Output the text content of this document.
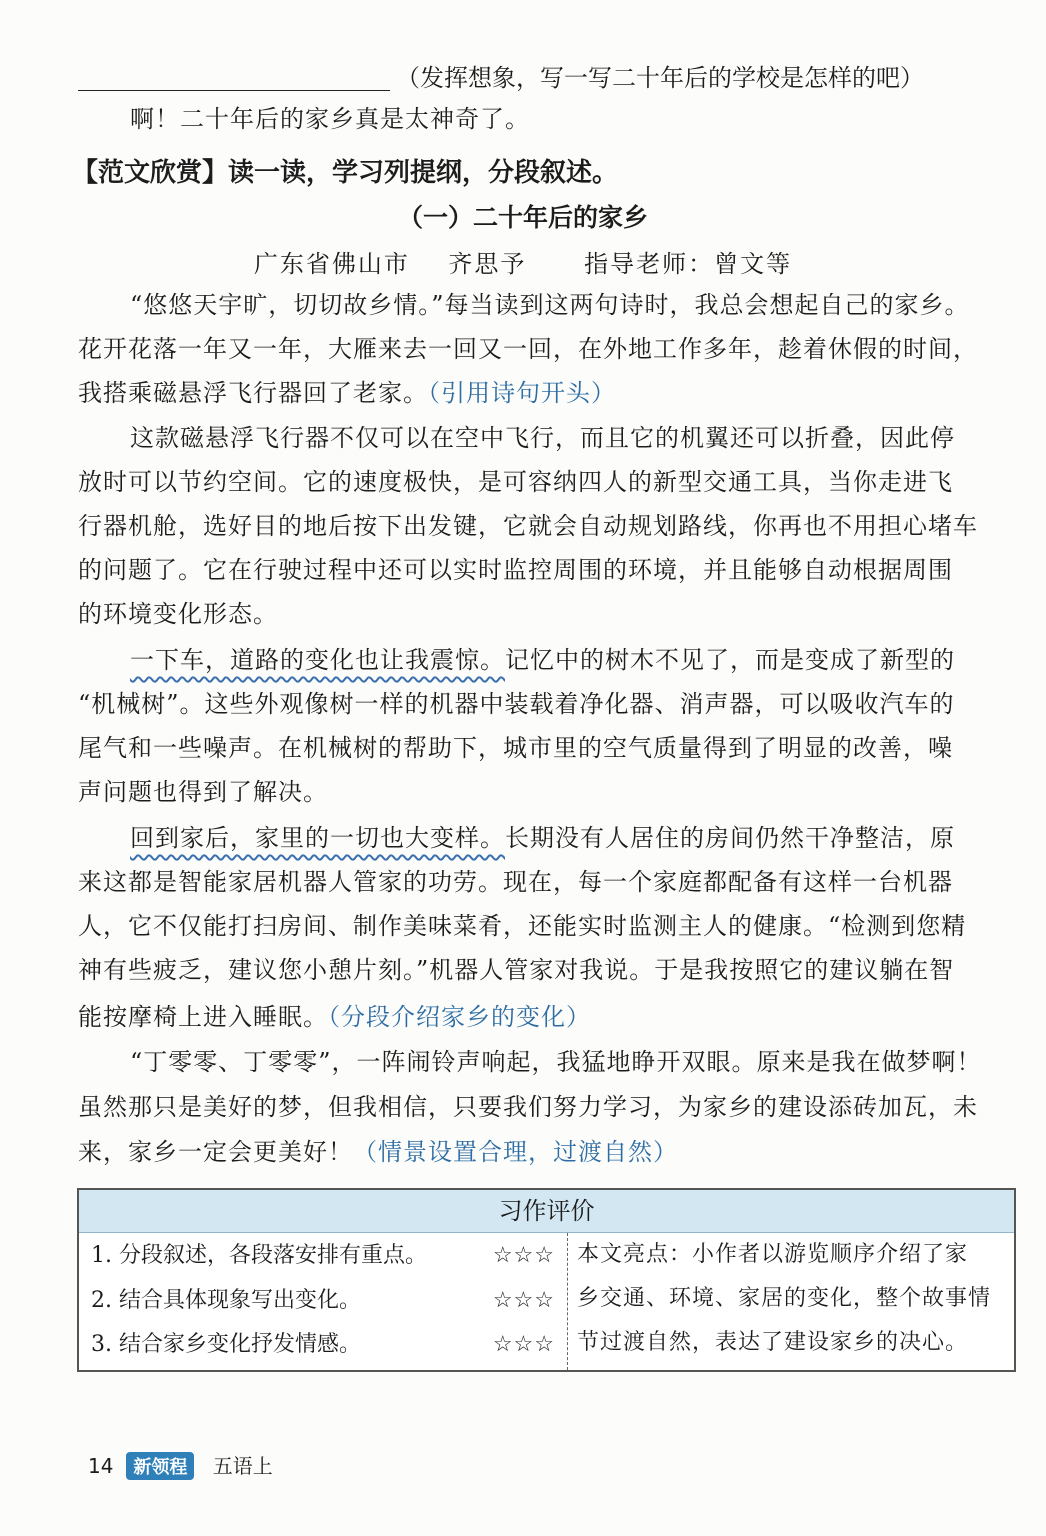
（发挥想象，写一写二十年后的学校是怎样的吧）
啊！二十年后的家乡真是太神奇了。
【范文欣赏】读一读，学习列提纲，分段叙述。
（一）二十年后的家乡
广东省佛山市    齐思予      指导老师：曾文等
“悠悠天宇旷，切切故乡情。”每当读到这两句诗时，我总会想起自己的家乡。
花开花落一年又一年，大雁来去一回又一回，在外地工作多年，趁着休假的时间，
我搭乘磁悬浮飞行器回了老家。（引用诗句开头）
这款磁悬浮飞行器不仅可以在空中飞行，而且它的机翼还可以折叠，因此停
放时可以节约空间。它的速度极快，是可容纳四人的新型交通工具，当你走进飞
行器机舱，选好目的地后按下出发键，它就会自动规划路线，你再也不用担心堵车
的问题了。它在行驶过程中还可以实时监控周围的环境，并且能够自动根据周围
的环境变化形态。
一下车，道路的变化也让我震惊。记忆中的树木不见了，而是变成了新型的
“机械树”。这些外观像树一样的机器中装载着净化器、消声器，可以吸收汽车的
尾气和一些噪声。在机械树的帮助下，城市里的空气质量得到了明显的改善，噪
声问题也得到了解决。
回到家后，家里的一切也大变样。长期没有人居住的房间仍然干净整洁，原
来这都是智能家居机器人管家的功劳。现在，每一个家庭都配备有这样一台机器
人，它不仅能打扫房间、制作美味菜肴，还能实时监测主人的健康。“检测到您精
神有些疲乏，建议您小憩片刻。”机器人管家对我说。于是我按照它的建议躺在智
能按摩椅上进入睡眠。（分段介绍家乡的变化）
“丁零零、丁零零”，一阵闹铃声响起，我猛地睁开双眼。原来是我在做梦啊！
虽然那只是美好的梦，但我相信，只要我们努力学习，为家乡的建设添砖加瓦，未
来，家乡一定会更美好！（情景设置合理，过渡自然）
习作评价
1. 分段叙述，各段落安排有重点。	☆☆☆
2. 结合具体现象写出变化。	☆☆☆
3. 结合家乡变化抒发情感。	☆☆☆
本文亮点：小作者以游览顺序介绍了家
乡交通、环境、家居的变化，整个故事情
节过渡自然，表达了建设家乡的决心。
14 新领程 五语上
